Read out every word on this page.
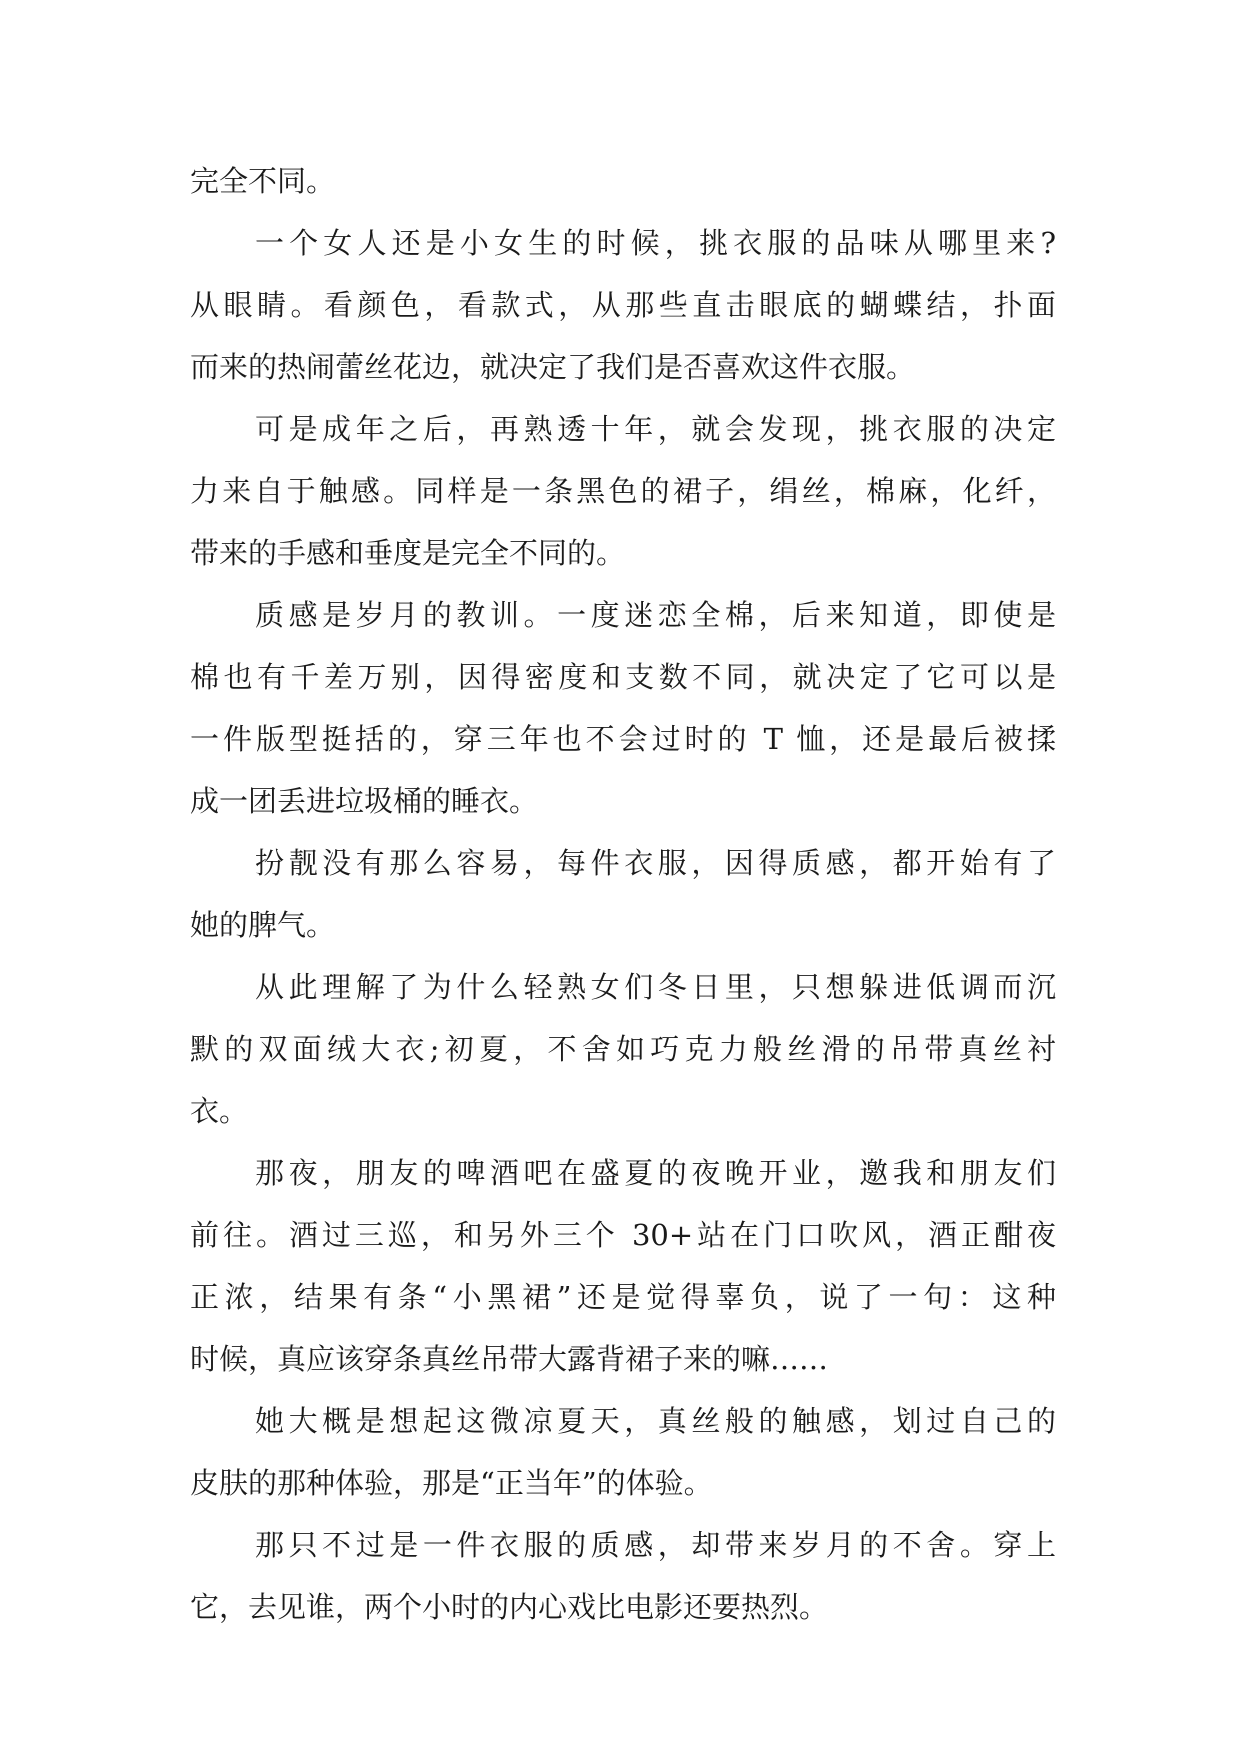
完全不同。
一个女人还是小女生的时候，挑衣服的品味从哪里来?
从眼睛。看颜色，看款式，从那些直击眼底的蝴蝶结，扑面
而来的热闹蕾丝花边，就决定了我们是否喜欢这件衣服。
可是成年之后，再熟透十年，就会发现，挑衣服的决定
力来自于触感。同样是一条黑色的裙子，绢丝，棉麻，化纤，
带来的手感和垂度是完全不同的。
质感是岁月的教训。一度迷恋全棉，后来知道，即使是
棉也有千差万别，因得密度和支数不同，就决定了它可以是
一件版型挺括的，穿三年也不会过时的 T 恤，还是最后被揉
成一团丢进垃圾桶的睡衣。
扮靓没有那么容易，每件衣服，因得质感，都开始有了
她的脾气。
从此理解了为什么轻熟女们冬日里，只想躲进低调而沉
默的双面绒大衣;初夏，不舍如巧克力般丝滑的吊带真丝衬
衣。
那夜，朋友的啤酒吧在盛夏的夜晚开业，邀我和朋友们
前往。酒过三巡，和另外三个 30+站在门口吹风，酒正酣夜
正浓，结果有条“小黑裙”还是觉得辜负，说了一句：这种
时候，真应该穿条真丝吊带大露背裙子来的嘛……
她大概是想起这微凉夏天，真丝般的触感，划过自己的
皮肤的那种体验，那是“正当年”的体验。
那只不过是一件衣服的质感，却带来岁月的不舍。穿上
它，去见谁，两个小时的内心戏比电影还要热烈。
